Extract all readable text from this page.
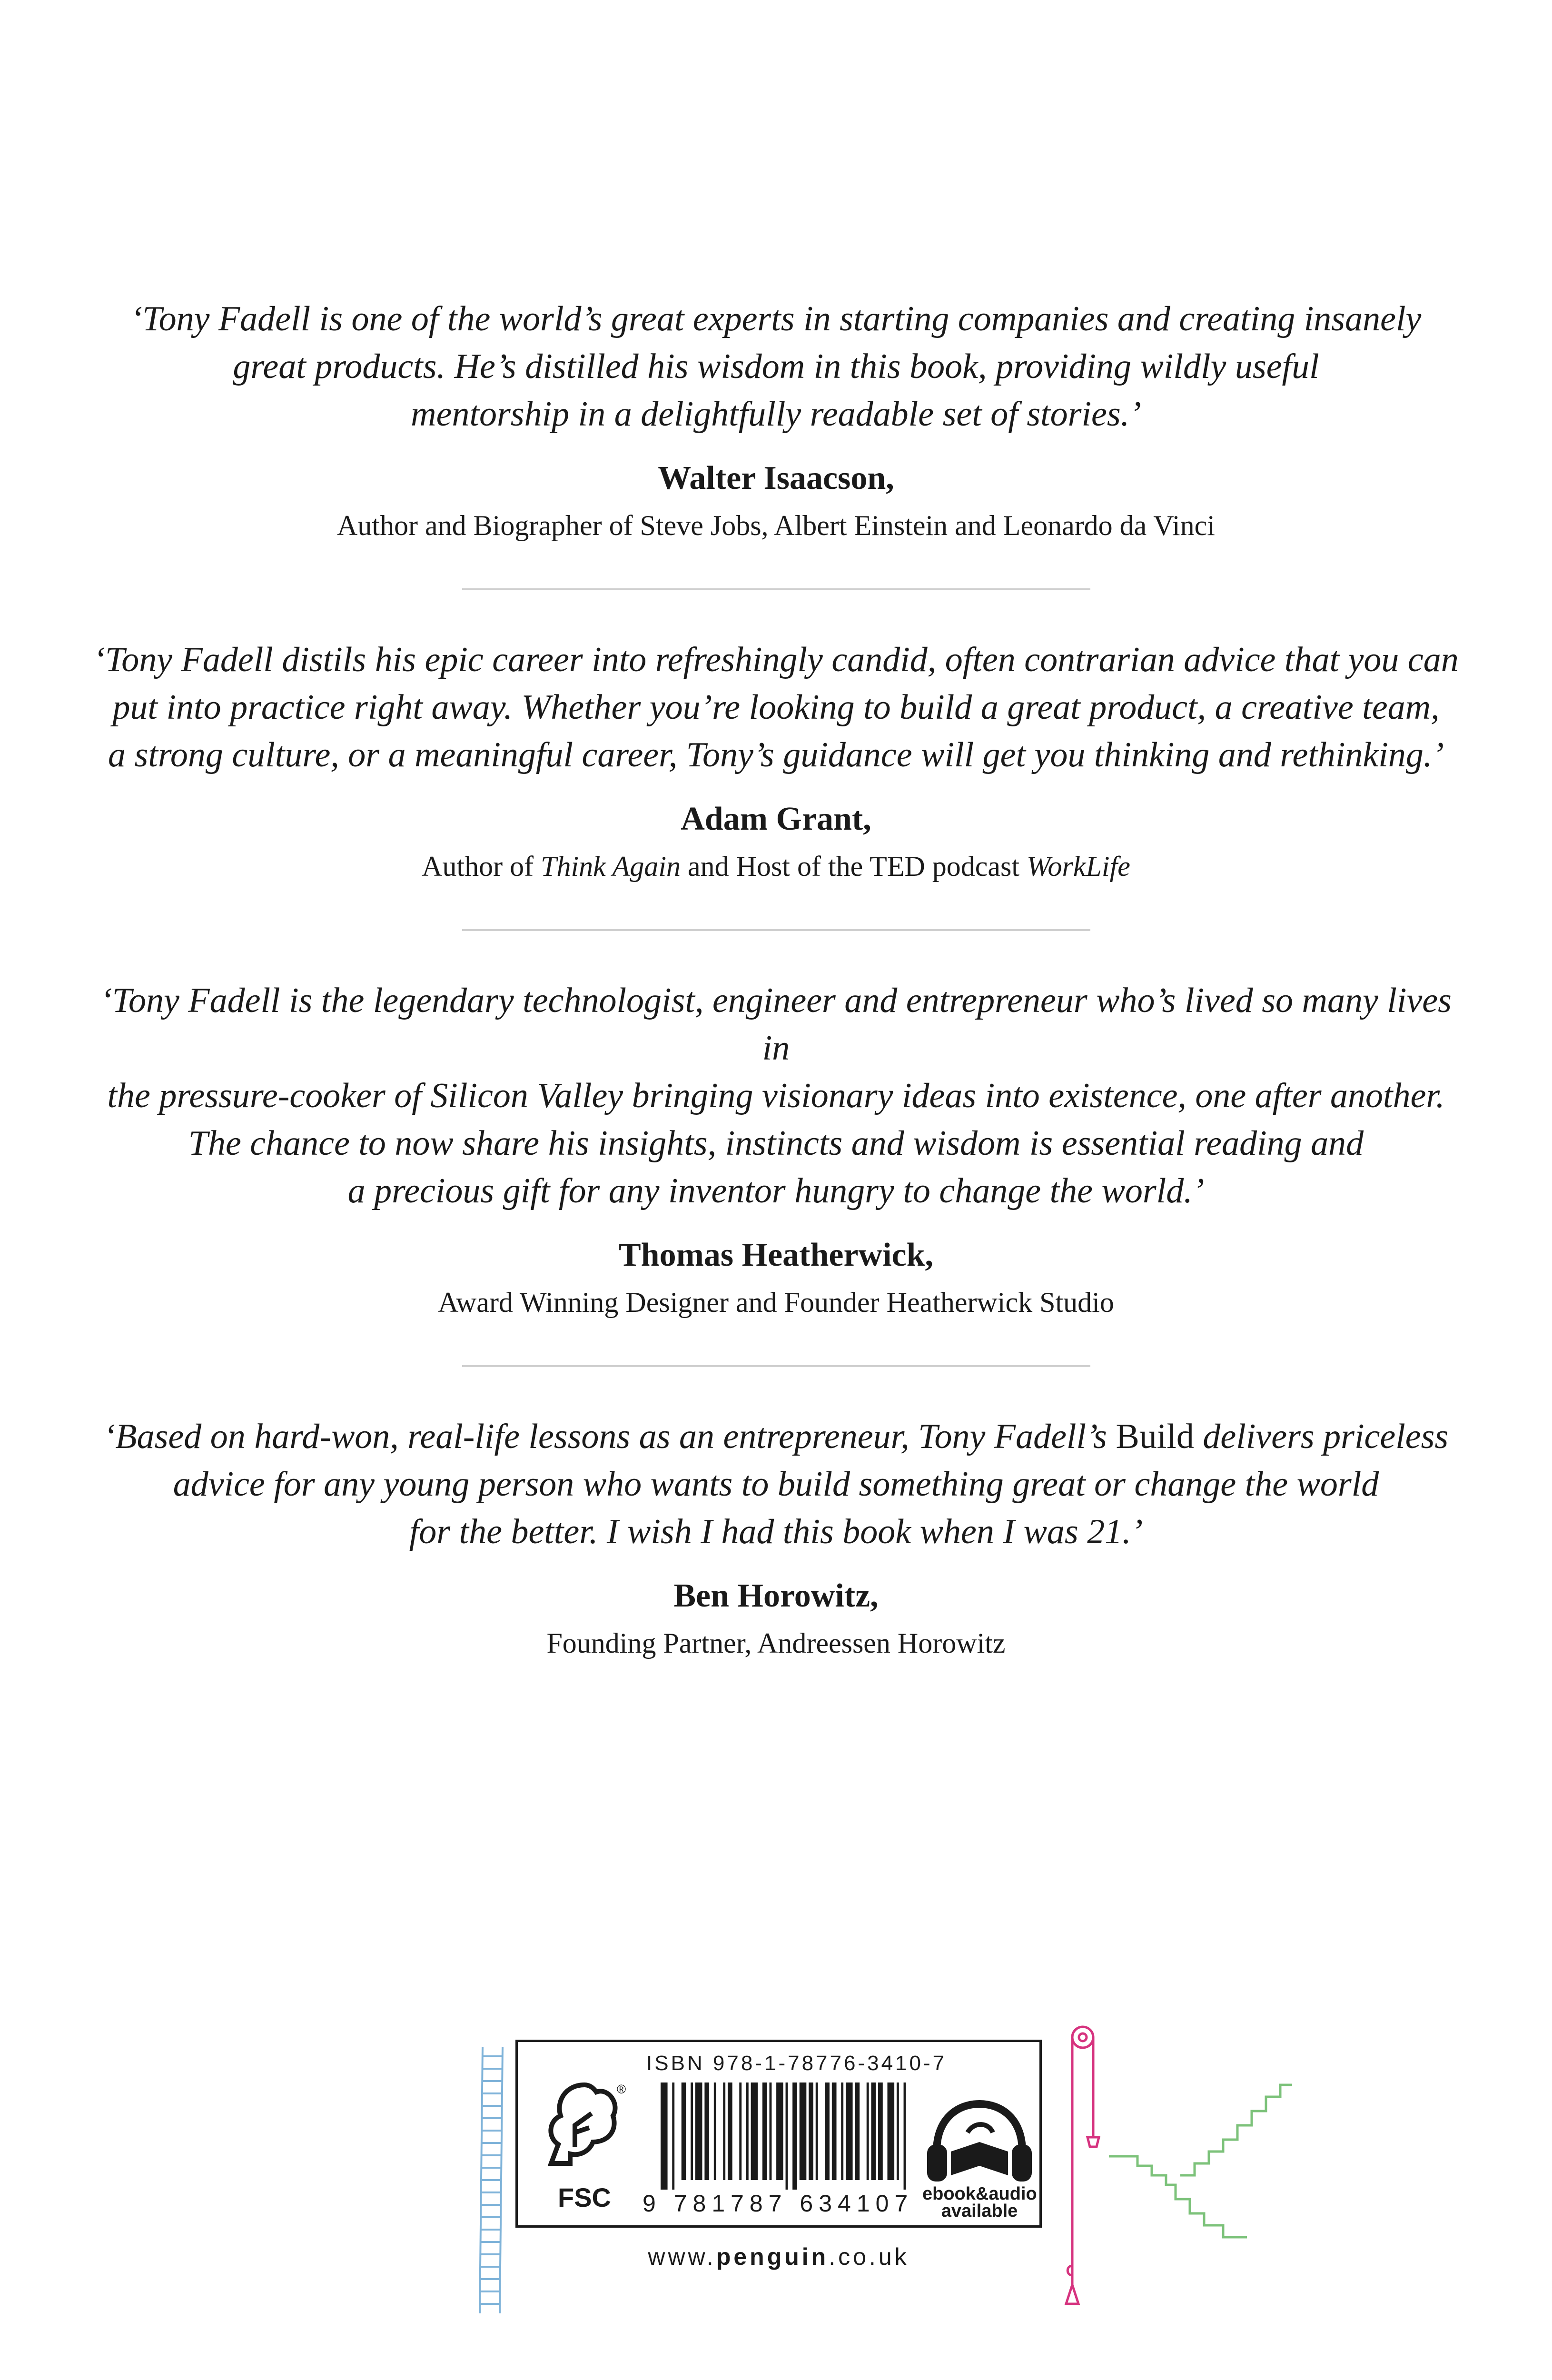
‘Tony Fadell is one of the world’s great experts in starting companies and creating insanely
great products. He’s distilled his wisdom in this book, providing wildly useful
mentorship in a delightfully readable set of stories.’

Walter Isaacson,
Author and Biographer of Steve Jobs, Albert Einstein and Leonardo da Vinci

‘Tony Fadell distils his epic career into refreshingly candid, often contrarian advice that you can
put into practice right away. Whether you’re looking to build a great product, a creative team,
a strong culture, or a meaningful career, Tony’s guidance will get you thinking and rethinking.’

Adam Grant,
Author of Think Again and Host of the TED podcast WorkLife

‘Tony Fadell is the legendary technologist, engineer and entrepreneur who’s lived so many lives in
the pressure-cooker of Silicon Valley bringing visionary ideas into existence, one after another.
The chance to now share his insights, instincts and wisdom is essential reading and
a precious gift for any inventor hungry to change the world.’

Thomas Heatherwick,
Award Winning Designer and Founder Heatherwick Studio

‘Based on hard-won, real-life lessons as an entrepreneur, Tony Fadell’s Build delivers priceless
advice for any young person who wants to build something great or change the world
for the better. I wish I had this book when I was 21.’

Ben Horowitz,
Founding Partner, Andreessen Horowitz
ISBN 978-1-78776-3410-7
®
FSC	9 781787 634107 ebook&audio
available
www.penguin.co.uk
